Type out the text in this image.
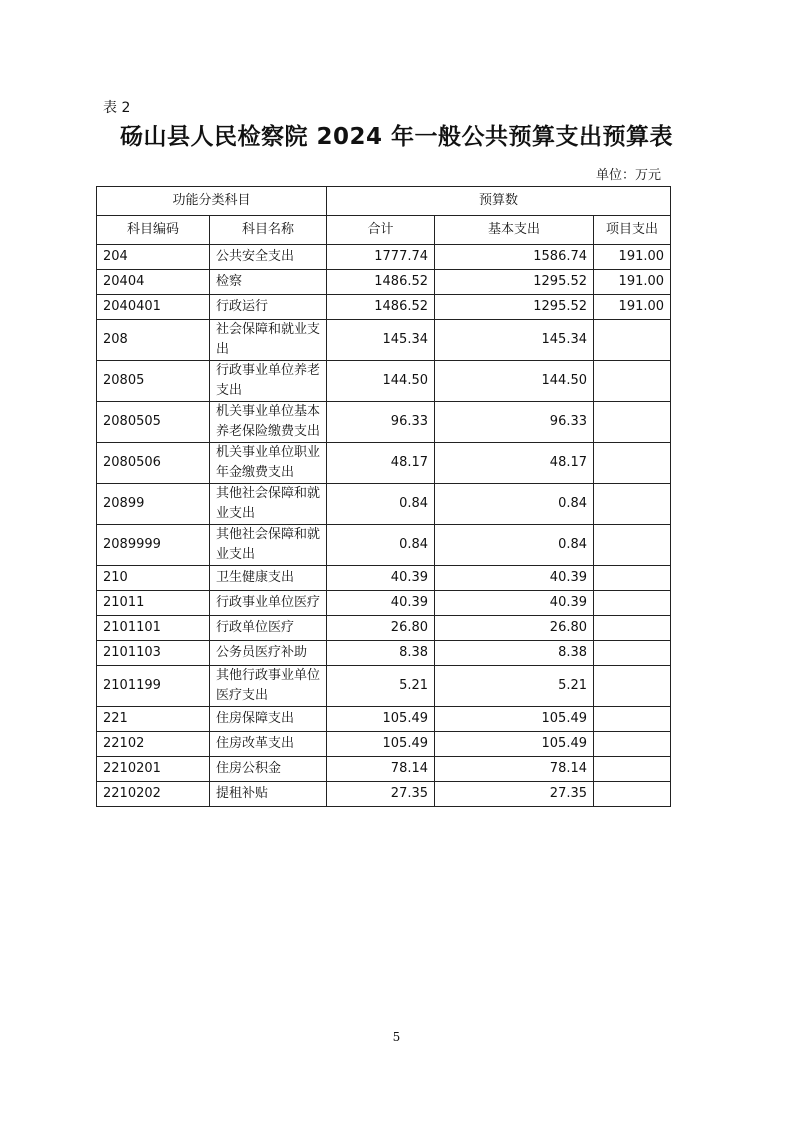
表 2
砀山县人民检察院 2024 年一般公共预算支出预算表
单位：万元
功能分类科目		预算数		
科目编码	科目名称	合计	基本支出	项目支出
204	公共安全支出	1777.74	1586.74	191.00
20404	检察	1486.52	1295.52	191.00
2040401	行政运行	1486.52	1295.52	191.00
208	社会保障和就业支出	145.34	145.34	
20805	行政事业单位养老支出	144.50	144.50	
2080505	机关事业单位基本养老保险缴费支出	96.33	96.33	
2080506	机关事业单位职业年金缴费支出	48.17	48.17	
20899	其他社会保障和就业支出	0.84	0.84	
2089999	其他社会保障和就业支出	0.84	0.84	
210	卫生健康支出	40.39	40.39	
21011	行政事业单位医疗	40.39	40.39	
2101101	行政单位医疗	26.80	26.80	
2101103	公务员医疗补助	8.38	8.38	
2101199	其他行政事业单位医疗支出	5.21	5.21	
221	住房保障支出	105.49	105.49	
22102	住房改革支出	105.49	105.49	
2210201	住房公积金	78.14	78.14	
2210202	提租补贴	27.35	27.35	
5
